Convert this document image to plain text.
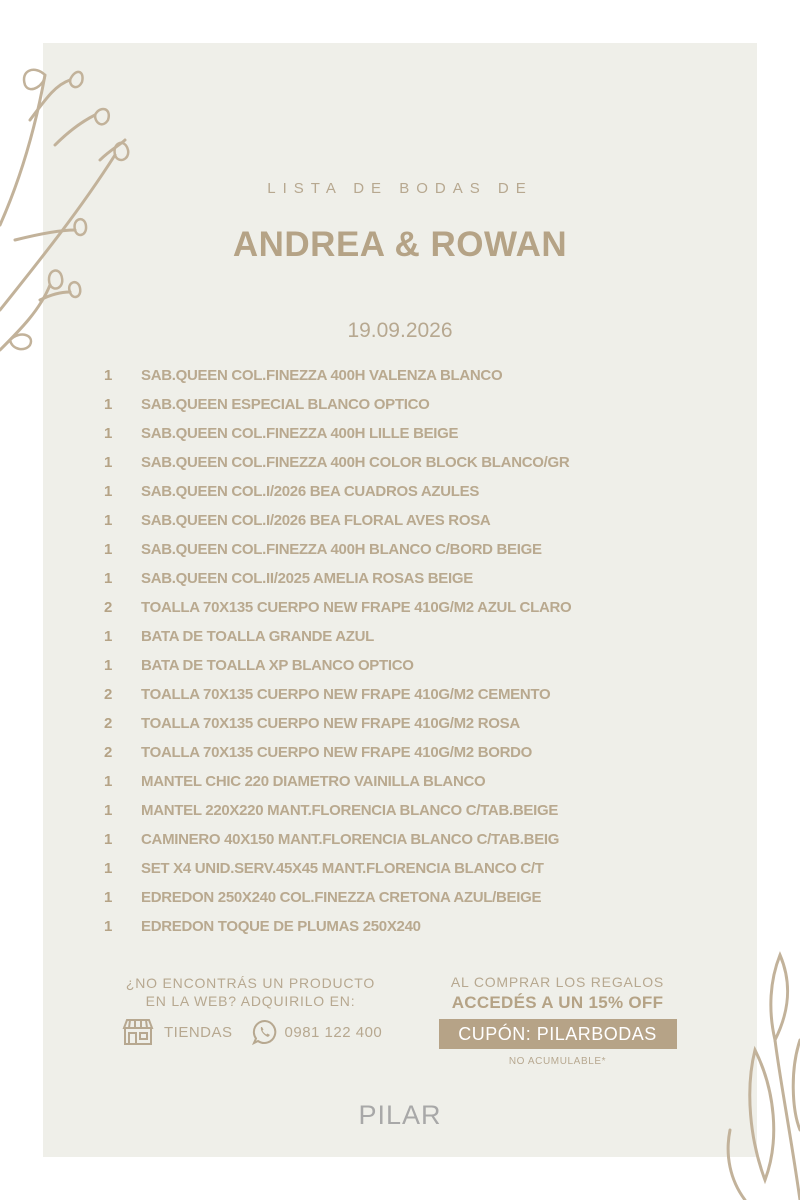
LISTA DE BODAS DE
ANDREA & ROWAN
19.09.2026
1	SAB.QUEEN COL.FINEZZA 400H VALENZA BLANCO
1	SAB.QUEEN ESPECIAL BLANCO OPTICO
1	SAB.QUEEN COL.FINEZZA 400H LILLE BEIGE
1	SAB.QUEEN COL.FINEZZA 400H COLOR BLOCK BLANCO/GR
1	SAB.QUEEN COL.I/2026 BEA CUADROS AZULES
1	SAB.QUEEN COL.I/2026 BEA FLORAL AVES ROSA
1	SAB.QUEEN COL.FINEZZA 400H BLANCO C/BORD BEIGE
1	SAB.QUEEN COL.II/2025 AMELIA ROSAS BEIGE
2	TOALLA 70X135 CUERPO NEW FRAPE 410G/M2 AZUL CLARO
1	BATA DE TOALLA GRANDE AZUL
1	BATA DE TOALLA XP BLANCO OPTICO
2	TOALLA 70X135 CUERPO NEW FRAPE 410G/M2 CEMENTO
2	TOALLA 70X135 CUERPO NEW FRAPE 410G/M2 ROSA
2	TOALLA 70X135 CUERPO NEW FRAPE 410G/M2 BORDO
1	MANTEL CHIC 220 DIAMETRO VAINILLA BLANCO
1	MANTEL 220X220 MANT.FLORENCIA BLANCO C/TAB.BEIGE
1	CAMINERO 40X150 MANT.FLORENCIA BLANCO C/TAB.BEIG
1	SET X4 UNID.SERV.45X45 MANT.FLORENCIA BLANCO C/T
1	EDREDON 250X240 COL.FINEZZA CRETONA AZUL/BEIGE
1	EDREDON TOQUE DE PLUMAS 250X240
¿NO ENCONTRÁS UN PRODUCTO
EN LA WEB? ADQUIRILO EN:
TIENDAS	0981 122 400
AL COMPRAR LOS REGALOS
ACCEDÉS A UN 15% OFF
CUPÓN: PILARBODAS
NO ACUMULABLE*
PILAR
